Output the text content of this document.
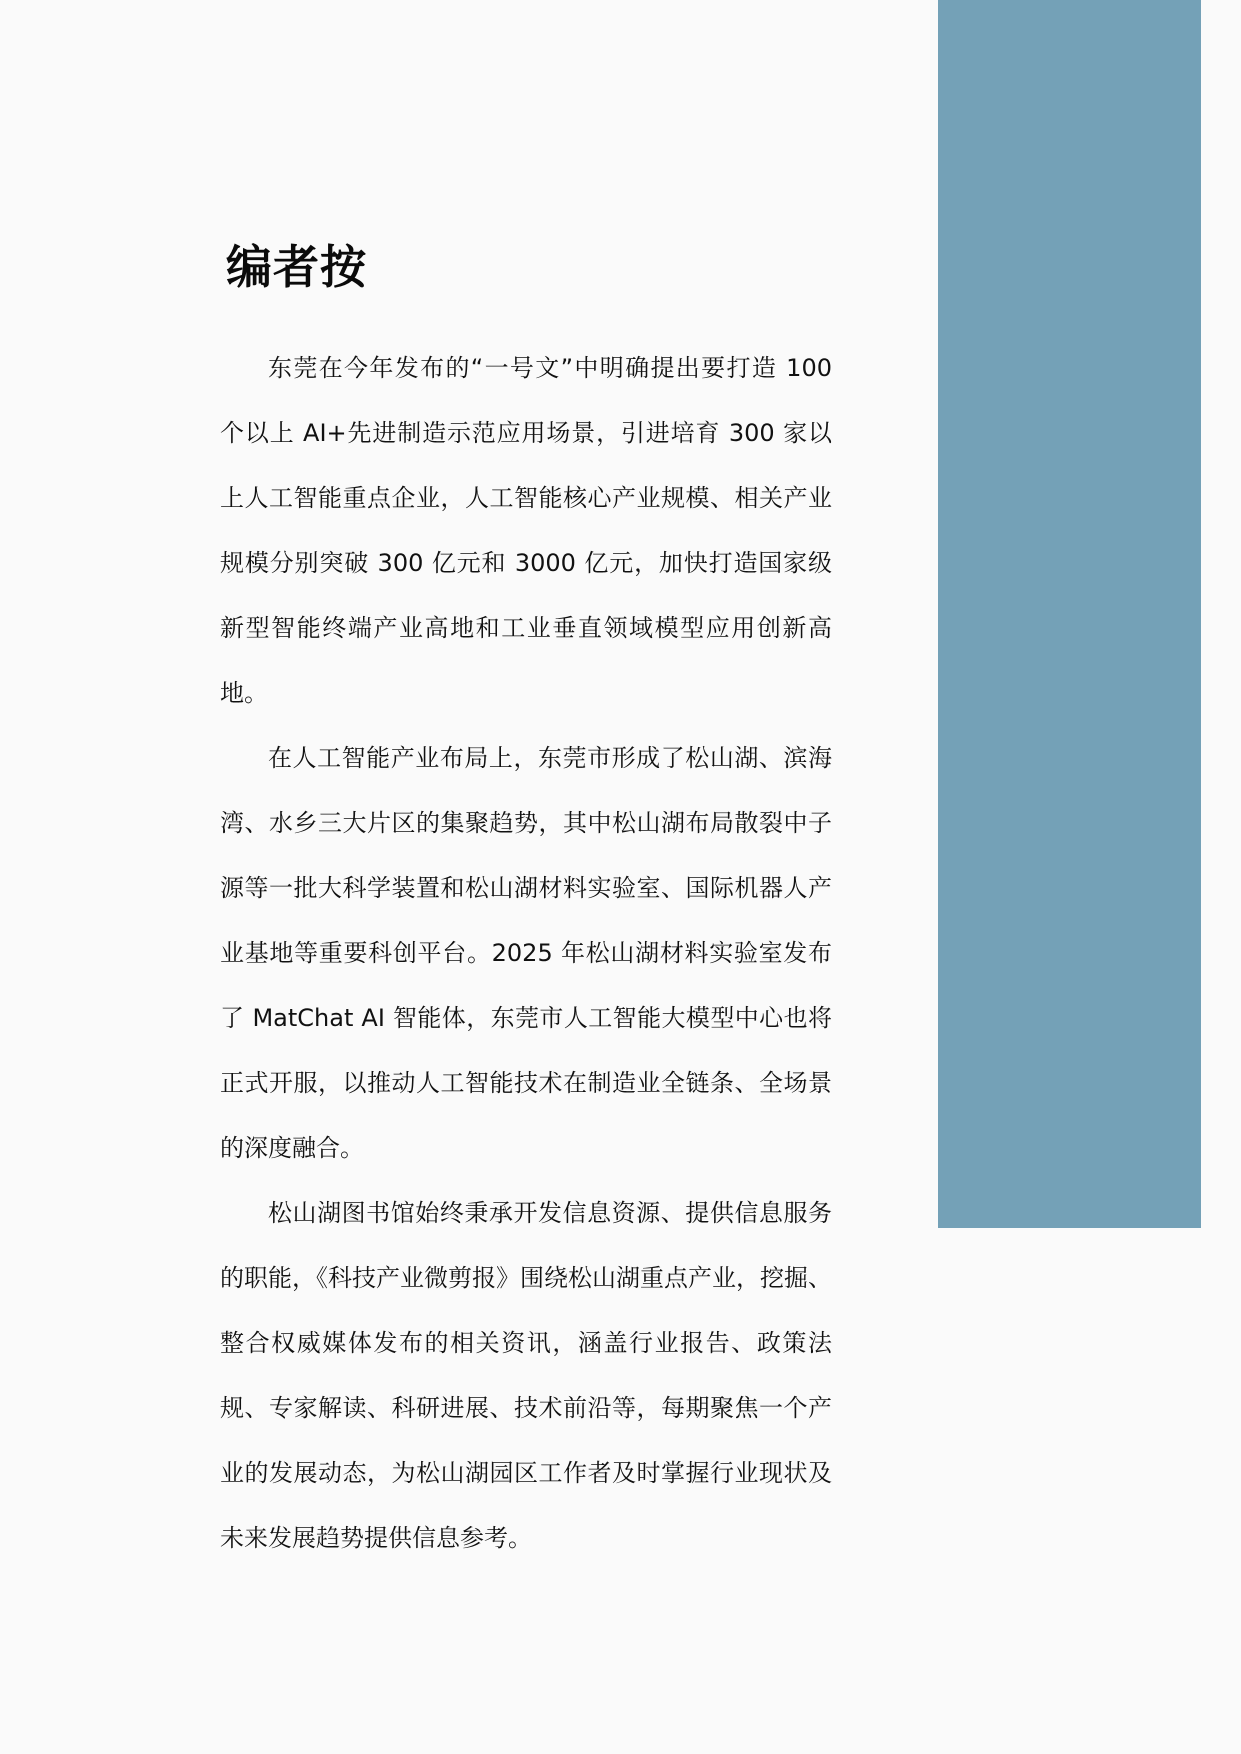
编者按

东莞在今年发布的“一号文”中明确提出要打造 100 个以上 AI+先进制造示范应用场景，引进培育 300 家以上人工智能重点企业，人工智能核心产业规模、相关产业规模分别突破 300 亿元和 3000 亿元，加快打造国家级新型智能终端产业高地和工业垂直领域模型应用创新高地。

在人工智能产业布局上，东莞市形成了松山湖、滨海湾、水乡三大片区的集聚趋势，其中松山湖布局散裂中子源等一批大科学装置和松山湖材料实验室、国际机器人产业基地等重要科创平台。2025 年松山湖材料实验室发布了 MatChat AI 智能体，东莞市人工智能大模型中心也将正式开服，以推动人工智能技术在制造业全链条、全场景的深度融合。

松山湖图书馆始终秉承开发信息资源、提供信息服务的职能，《科技产业微剪报》围绕松山湖重点产业，挖掘、整合权威媒体发布的相关资讯，涵盖行业报告、政策法规、专家解读、科研进展、技术前沿等，每期聚焦一个产业的发展动态，为松山湖园区工作者及时掌握行业现状及未来发展趋势提供信息参考。
